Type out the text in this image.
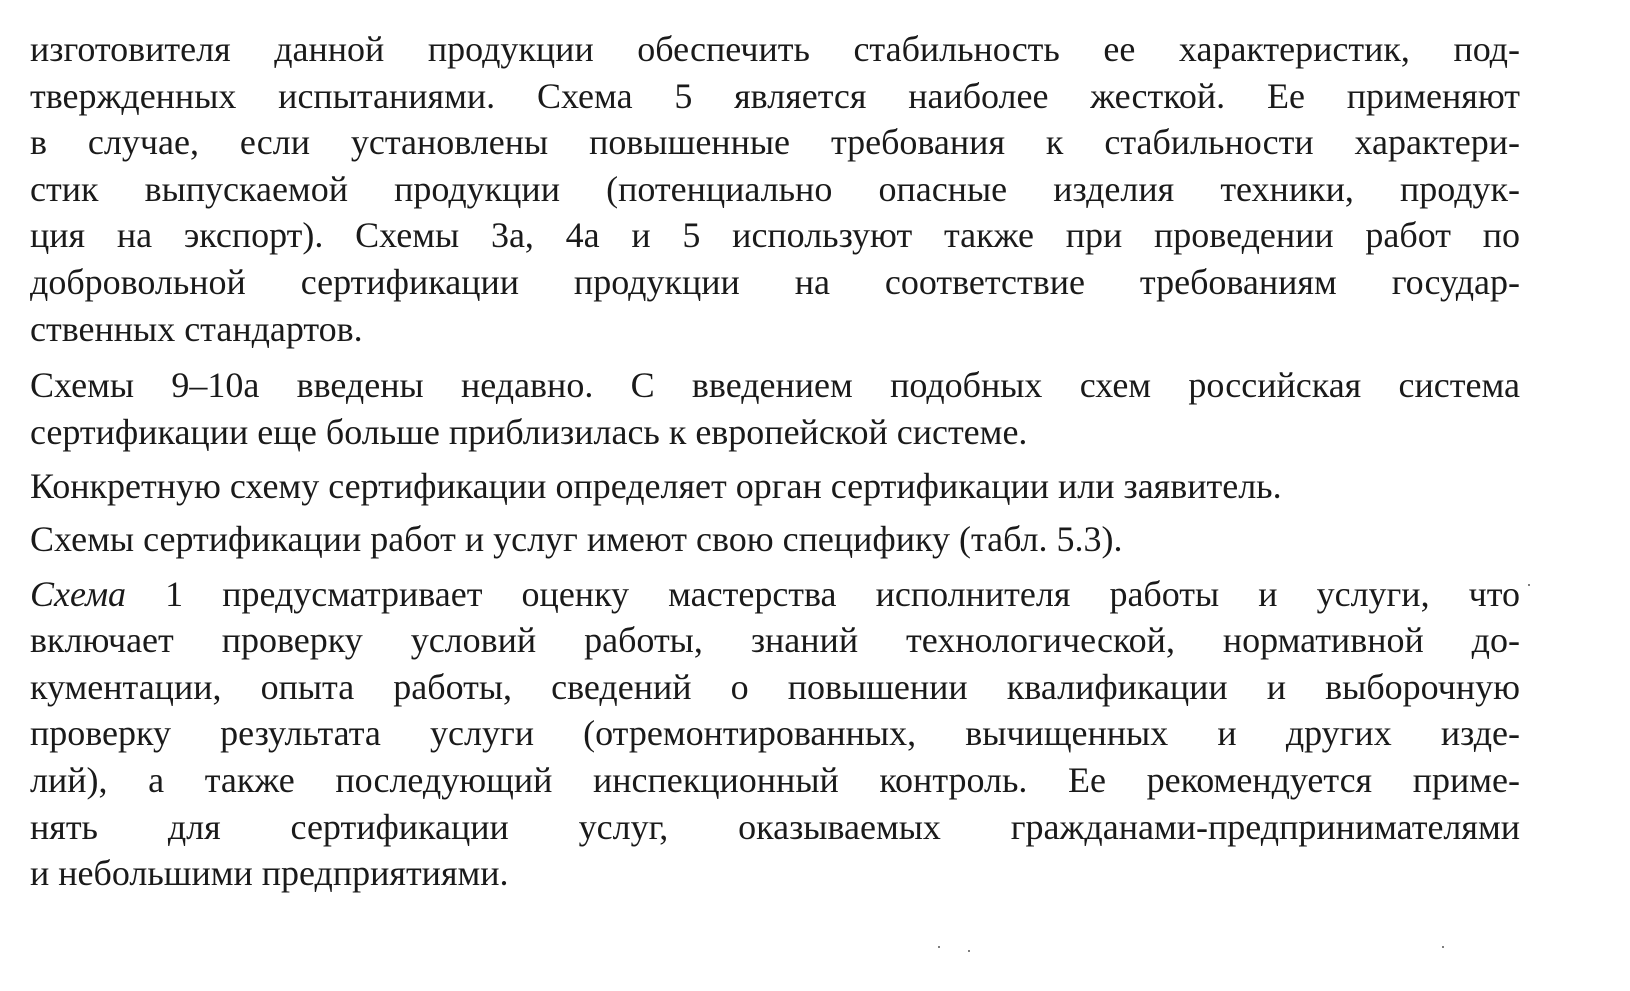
изготовителя данной продукции обеспечить стабильность ее характеристик, под-
твержденных испытаниями. Схема 5 является наиболее жесткой. Ее применяют
в случае, если установлены повышенные требования к стабильности характери-
стик выпускаемой продукции (потенциально опасные изделия техники, продук-
ция на экспорт). Схемы 3а, 4а и 5 используют также при проведении работ по
добровольной сертификации продукции на соответствие требованиям государ-
ственных стандартов.
Схемы 9–10а введены недавно. С введением подобных схем российская система
сертификации еще больше приблизилась к европейской системе.
Конкретную схему сертификации определяет орган сертификации или заявитель.
Схемы сертификации работ и услуг имеют свою специфику (табл. 5.3).
Схема 1 предусматривает оценку мастерства исполнителя работы и услуги, что
включает проверку условий работы, знаний технологической, нормативной до-
кументации, опыта работы, сведений о повышении квалификации и выборочную
проверку результата услуги (отремонтированных, вычищенных и других изде-
лий), а также последующий инспекционный контроль. Ее рекомендуется приме-
нять для сертификации услуг, оказываемых гражданами-предпринимателями
и небольшими предприятиями.
